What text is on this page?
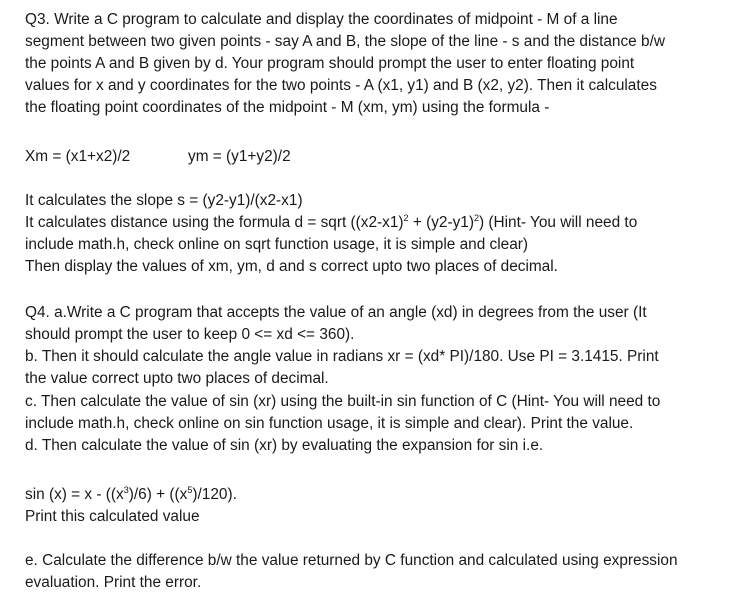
Q3. Write a C program to calculate and display the coordinates of midpoint - M of a line
segment between two given points - say A and B, the slope of the line - s and the distance b/w
the points A and B given by d. Your program should prompt the user to enter floating point
values for x and y coordinates for the two points - A (x1, y1) and B (x2, y2). Then it calculates
the floating point coordinates of the midpoint - M (xm, ym) using the formula -
Xm = (x1+x2)/2	ym = (y1+y2)/2
It calculates the slope s = (y2-y1)/(x2-x1)
It calculates distance using the formula d = sqrt $((x2-x1)^2 + (y2-y1)^2)$ (Hint- You will need to
include math.h, check online on sqrt function usage, it is simple and clear)
Then display the values of xm, ym, d and s correct upto two places of decimal.
Q4. a.Write a C program that accepts the value of an angle (xd) in degrees from the user (It
should prompt the user to keep 0 <= xd <= 360).
b. Then it should calculate the angle value in radians xr = (xd* PI)/180. Use PI = 3.1415. Print
the value correct upto two places of decimal.
c. Then calculate the value of sin (xr) using the built-in sin function of C (Hint- You will need to
include math.h, check online on sin function usage, it is simple and clear). Print the value.
d. Then calculate the value of sin (xr) by evaluating the expansion for sin i.e.
$\sin (x) = x - ((x^3)/6) + ((x^5)/120)$.
Print this calculated value
e. Calculate the difference b/w the value returned by C function and calculated using expression
evaluation. Print the error.
